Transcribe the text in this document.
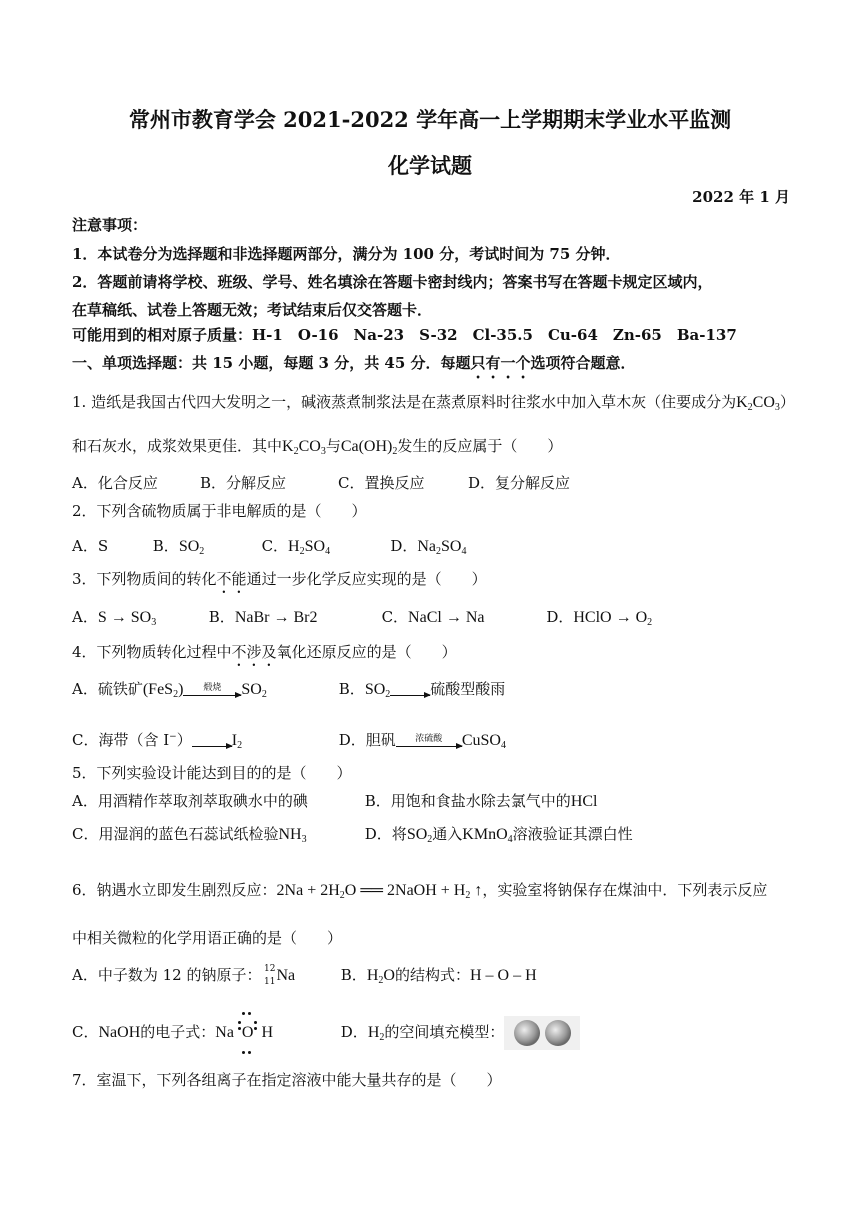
常州市教育学会 2021-2022 学年高一上学期期末学业水平监测
化学试题
2022 年 1 月
注意事项：
1．本试卷分为选择题和非选择题两部分，满分为 100 分，考试时间为 75 分钟．
2．答题前请将学校、班级、学号、姓名填涂在答题卡密封线内；答案书写在答题卡规定区域内，
在草稿纸、试卷上答题无效；考试结束后仅交答题卡．
可能用到的相对原子质量：H-1　O-16　Na-23　S-32　Cl-35.5　Cu-64　Zn-65　Ba-137
一、单项选择题：共 15 小题，每题 3 分，共 45 分．每题只有一个选项符合题意．
1. 造纸是我国古代四大发明之一，碱液蒸煮制浆法是在蒸煮原料时往浆水中加入草木灰（住要成分为$K_2CO_3$）
和石灰水，成浆效果更佳．其中$K_2CO_3$与$Ca(OH)_2$发生的反应属于（　　）
A．化合反应	B．分解反应	C．置换反应	D．复分解反应
2．下列含硫物质属于非电解质的是（　　）
A．S	B．$SO_2$	C．$H_2SO_4$	D．$Na_2SO_4$
3．下列物质间的转化不能通过一步化学反应实现的是（　　）
A．$S \to SO_3$	B．NaBr → Br2	C．NaCl → Na	D．HClO → $O_2$
4．下列物质转化过程中不涉及氧化还原反应的是（　　）
A．硫铁矿(FeS$_2$)	煅烧	$SO_2$	B．$SO_2$	硫酸型酸雨
C．海带（含 I−）	$I_2$	D．胆矾	浓硫酸	CuSO$_4$
5．下列实验设计能达到目的的是（　　）
A．用酒精作萃取剂萃取碘水中的碘	B．用饱和食盐水除去氯气中的HCl
C．用湿润的蓝色石蕊试纸检验$NH_3$	D．将$SO_2$通入KMnO$_4$溶液验证其漂白性
6．钠遇水立即发生剧烈反应：$2Na + 2H_2O$ ══ 2NaOH + $H_2$ ↑，实验室将钠保存在煤油中．下列表示反应
中相关微粒的化学用语正确的是（　　）
A．中子数为 12 的钠原子： 12
11 Na	B．$H_2O$的结构式：H – O – H
C．NaOH的电子式：Na O
H	D．$H_2$的空间填充模型：
7．室温下，下列各组离子在指定溶液中能大量共存的是（　　）
